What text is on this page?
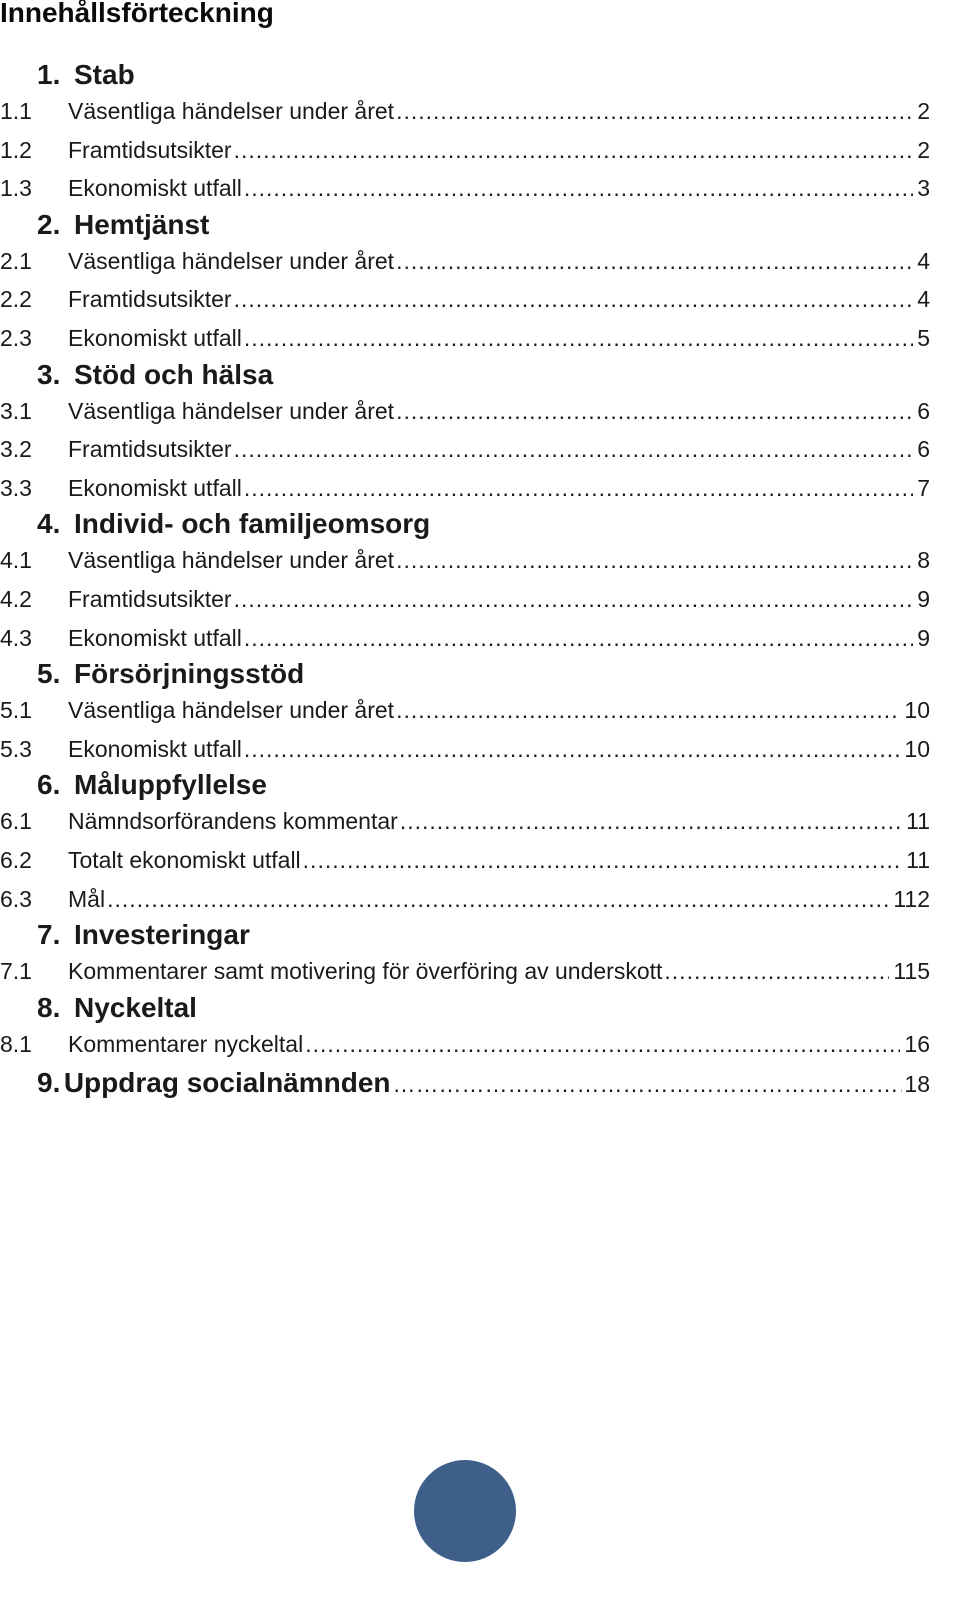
Innehållsförteckning
1. Stab
1.1	Väsentliga händelser under året .....	2
1.2	Framtidsutsikter .....	2
1.3	Ekonomiskt utfall .....	3
2. Hemtjänst
2.1	Väsentliga händelser under året .....	4
2.2	Framtidsutsikter .....	4
2.3	Ekonomiskt utfall .....	5
3. Stöd och hälsa
3.1	Väsentliga händelser under året .....	6
3.2	Framtidsutsikter .....	6
3.3	Ekonomiskt utfall .....	7
4. Individ- och familjeomsorg
4.1	Väsentliga händelser under året .....	8
4.2	Framtidsutsikter .....	9
4.3	Ekonomiskt utfall .....	9
5. Försörjningsstöd
5.1	Väsentliga händelser under året .....	10
5.3	Ekonomiskt utfall .....	10
6. Måluppfyllelse
6.1	Nämndsorförandens kommentar .....	11
6.2	Totalt ekonomiskt utfall .....	11
6.3	Mål .....	112
7. Investeringar
7.1	Kommentarer samt motivering för överföring av underskott .....	115
8. Nyckeltal
8.1	Kommentarer nyckeltal .....	16
9. Uppdrag socialnämnden ……………………………………………………………………….	18
